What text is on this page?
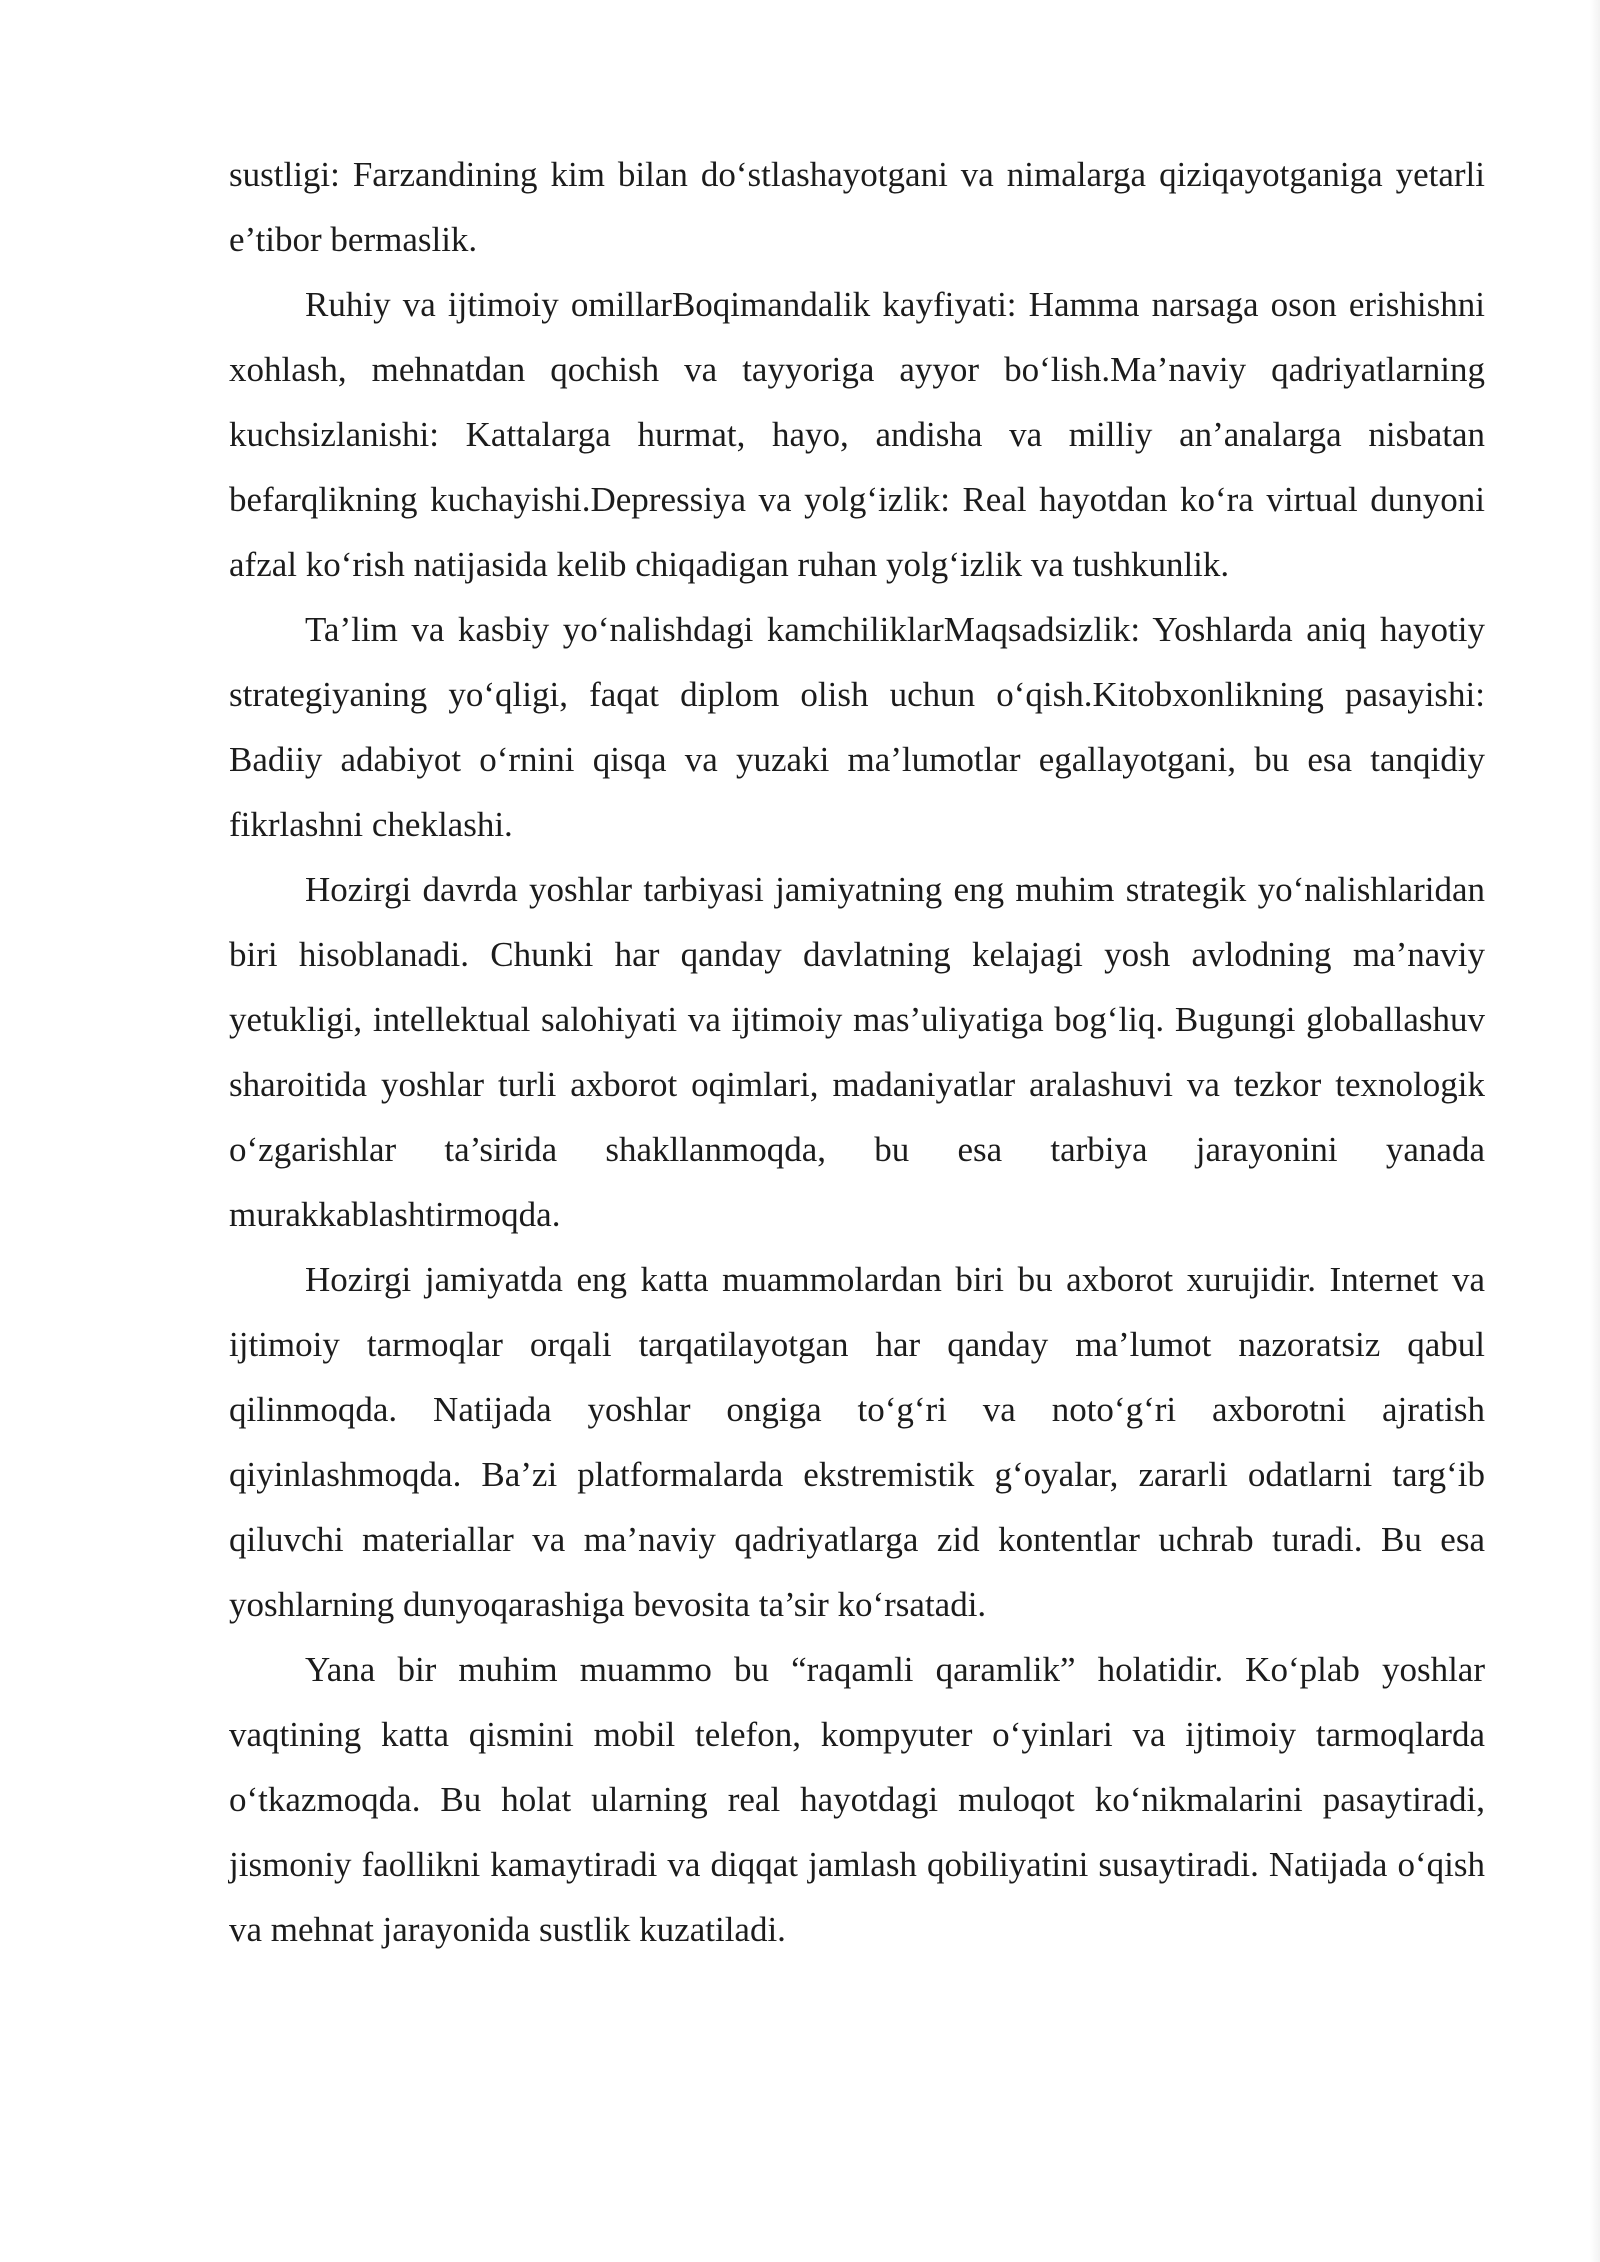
sustligi: Farzandining kim bilan do‘stlashayotgani va nimalarga qiziqayotganiga yetarli e’tibor bermaslik.

Ruhiy va ijtimoiy omillarBoqimandalik kayfiyati: Hamma narsaga oson erishishni xohlash, mehnatdan qochish va tayyoriga ayyor bo‘lish.Ma’naviy qadriyatlarning kuchsizlanishi: Kattalarga hurmat, hayo, andisha va milliy an’analarga nisbatan befarqlikning kuchayishi.Depressiya va yolg‘izlik: Real hayotdan ko‘ra virtual dunyoni afzal ko‘rish natijasida kelib chiqadigan ruhan yolg‘izlik va tushkunlik.

Ta’lim va kasbiy yo‘nalishdagi kamchiliklarMaqsadsizlik: Yoshlarda aniq hayotiy strategiyaning yo‘qligi, faqat diplom olish uchun o‘qish.Kitobxonlikning pasayishi: Badiiy adabiyot o‘rnini qisqa va yuzaki ma’lumotlar egallayotgani, bu esa tanqidiy fikrlashni cheklashi.

Hozirgi davrda yoshlar tarbiyasi jamiyatning eng muhim strategik yo‘nalishlaridan biri hisoblanadi. Chunki har qanday davlatning kelajagi yosh avlodning ma’naviy yetukligi, intellektual salohiyati va ijtimoiy mas’uliyatiga bog‘liq. Bugungi globallashuv sharoitida yoshlar turli axborot oqimlari, madaniyatlar aralashuvi va tezkor texnologik o‘zgarishlar ta’sirida shakllanmoqda, bu esa tarbiya jarayonini yanada murakkablashtirmoqda.

Hozirgi jamiyatda eng katta muammolardan biri bu axborot xurujidir. Internet va ijtimoiy tarmoqlar orqali tarqatilayotgan har qanday ma’lumot nazoratsiz qabul qilinmoqda. Natijada yoshlar ongiga to‘g‘ri va noto‘g‘ri axborotni ajratish qiyinlashmoqda. Ba’zi platformalarda ekstremistik g‘oyalar, zararli odatlarni targ‘ib qiluvchi materiallar va ma’naviy qadriyatlarga zid kontentlar uchrab turadi. Bu esa yoshlarning dunyoqarashiga bevosita ta’sir ko‘rsatadi.

Yana bir muhim muammo bu “raqamli qaramlik” holatidir. Ko‘plab yoshlar vaqtining katta qismini mobil telefon, kompyuter o‘yinlari va ijtimoiy tarmoqlarda o‘tkazmoqda. Bu holat ularning real hayotdagi muloqot ko‘nikmalarini pasaytiradi, jismoniy faollikni kamaytiradi va diqqat jamlash qobiliyatini susaytiradi. Natijada o‘qish va mehnat jarayonida sustlik kuzatiladi.
